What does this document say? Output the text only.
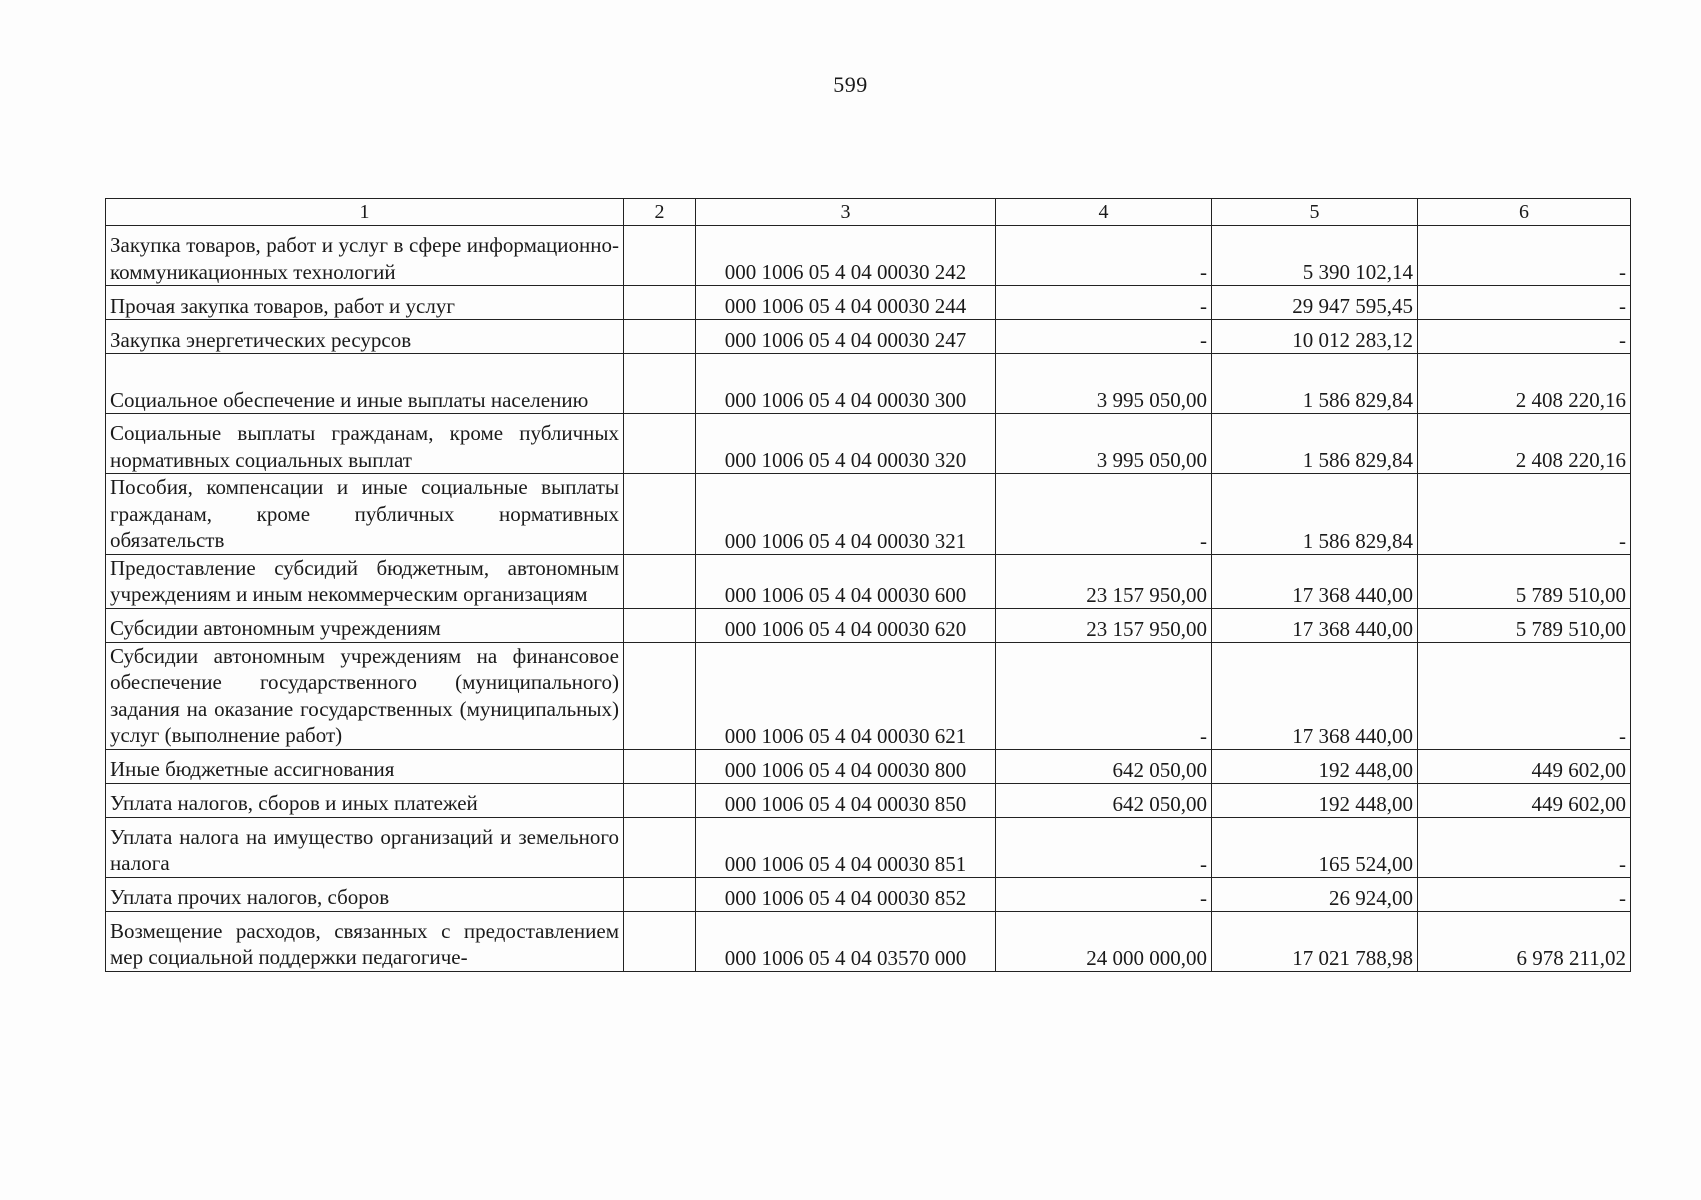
599
1	2	3	4	5	6
Закупка товаров, работ и услуг в сфере информационно-коммуникационных технологий		000 1006 05 4 04 00030 242	-	5 390 102,14	-
Прочая закупка товаров, работ и услуг		000 1006 05 4 04 00030 244	-	29 947 595,45	-
Закупка энергетических ресурсов		000 1006 05 4 04 00030 247	-	10 012 283,12	-
Социальное обеспечение и иные выплаты населению		000 1006 05 4 04 00030 300	3 995 050,00	1 586 829,84	2 408 220,16
Социальные выплаты гражданам, кроме публичных нормативных социальных выплат		000 1006 05 4 04 00030 320	3 995 050,00	1 586 829,84	2 408 220,16
Пособия, компенсации и иные социальные выплаты гражданам, кроме публичных нормативных обязательств		000 1006 05 4 04 00030 321	-	1 586 829,84	-
Предоставление субсидий бюджетным, автономным учреждениям и иным некоммерческим организациям		000 1006 05 4 04 00030 600	23 157 950,00	17 368 440,00	5 789 510,00
Субсидии автономным учреждениям		000 1006 05 4 04 00030 620	23 157 950,00	17 368 440,00	5 789 510,00
Субсидии автономным учреждениям на финансовое обеспечение государственного (муниципального) задания на оказание государственных (муниципальных) услуг (выполнение работ)		000 1006 05 4 04 00030 621	-	17 368 440,00	-
Иные бюджетные ассигнования		000 1006 05 4 04 00030 800	642 050,00	192 448,00	449 602,00
Уплата налогов, сборов и иных платежей		000 1006 05 4 04 00030 850	642 050,00	192 448,00	449 602,00
Уплата налога на имущество организаций и земельного налога		000 1006 05 4 04 00030 851	-	165 524,00	-
Уплата прочих налогов, сборов		000 1006 05 4 04 00030 852	-	26 924,00	-
Возмещение расходов, связанных с предоставлением мер социальной поддержки педагогиче-		000 1006 05 4 04 03570 000	24 000 000,00	17 021 788,98	6 978 211,02
